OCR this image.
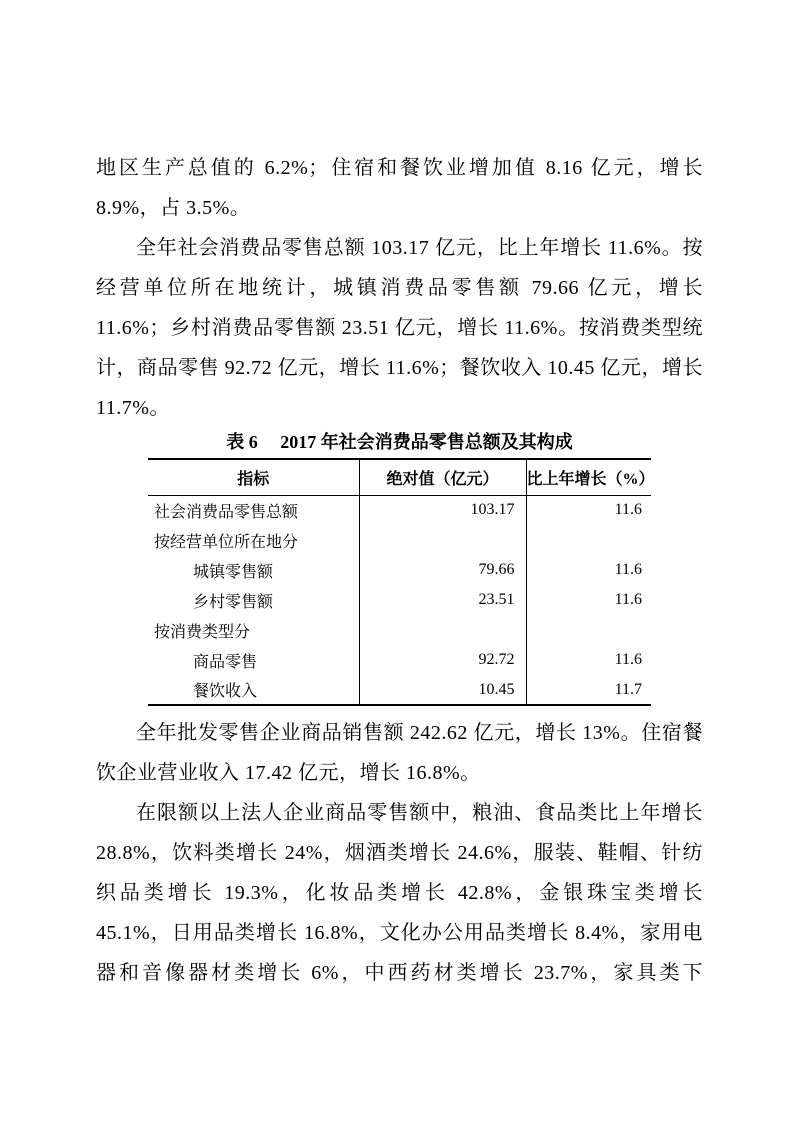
地区生产总值的 6.2%；住宿和餐饮业增加值 8.16 亿元，增长 8.9%，占 3.5%。

全年社会消费品零售总额 103.17 亿元，比上年增长 11.6%。按经营单位所在地统计，城镇消费品零售额 79.66 亿元，增长 11.6%；乡村消费品零售额 23.51 亿元，增长 11.6%。按消费类型统计，商品零售 92.72 亿元，增长 11.6%；餐饮收入 10.45 亿元，增长 11.7%。

表 6　 2017 年社会消费品零售总额及其构成

指标	绝对值（亿元）	比上年增长（%）
社会消费品零售总额	103.17	11.6
按经营单位所在地分		
城镇零售额	79.66	11.6
乡村零售额	23.51	11.6
按消费类型分		
商品零售	92.72	11.6
餐饮收入	10.45	11.7

全年批发零售企业商品销售额 242.62 亿元，增长 13%。住宿餐饮企业营业收入 17.42 亿元，增长 16.8%。

在限额以上法人企业商品零售额中，粮油、食品类比上年增长 28.8%，饮料类增长 24%，烟酒类增长 24.6%，服装、鞋帽、针纺织品类增长 19.3%，化妆品类增长 42.8%，金银珠宝类增长 45.1%，日用品类增长 16.8%，文化办公用品类增长 8.4%，家用电器和音像器材类增长 6%，中西药材类增长 23.7%，家具类下
